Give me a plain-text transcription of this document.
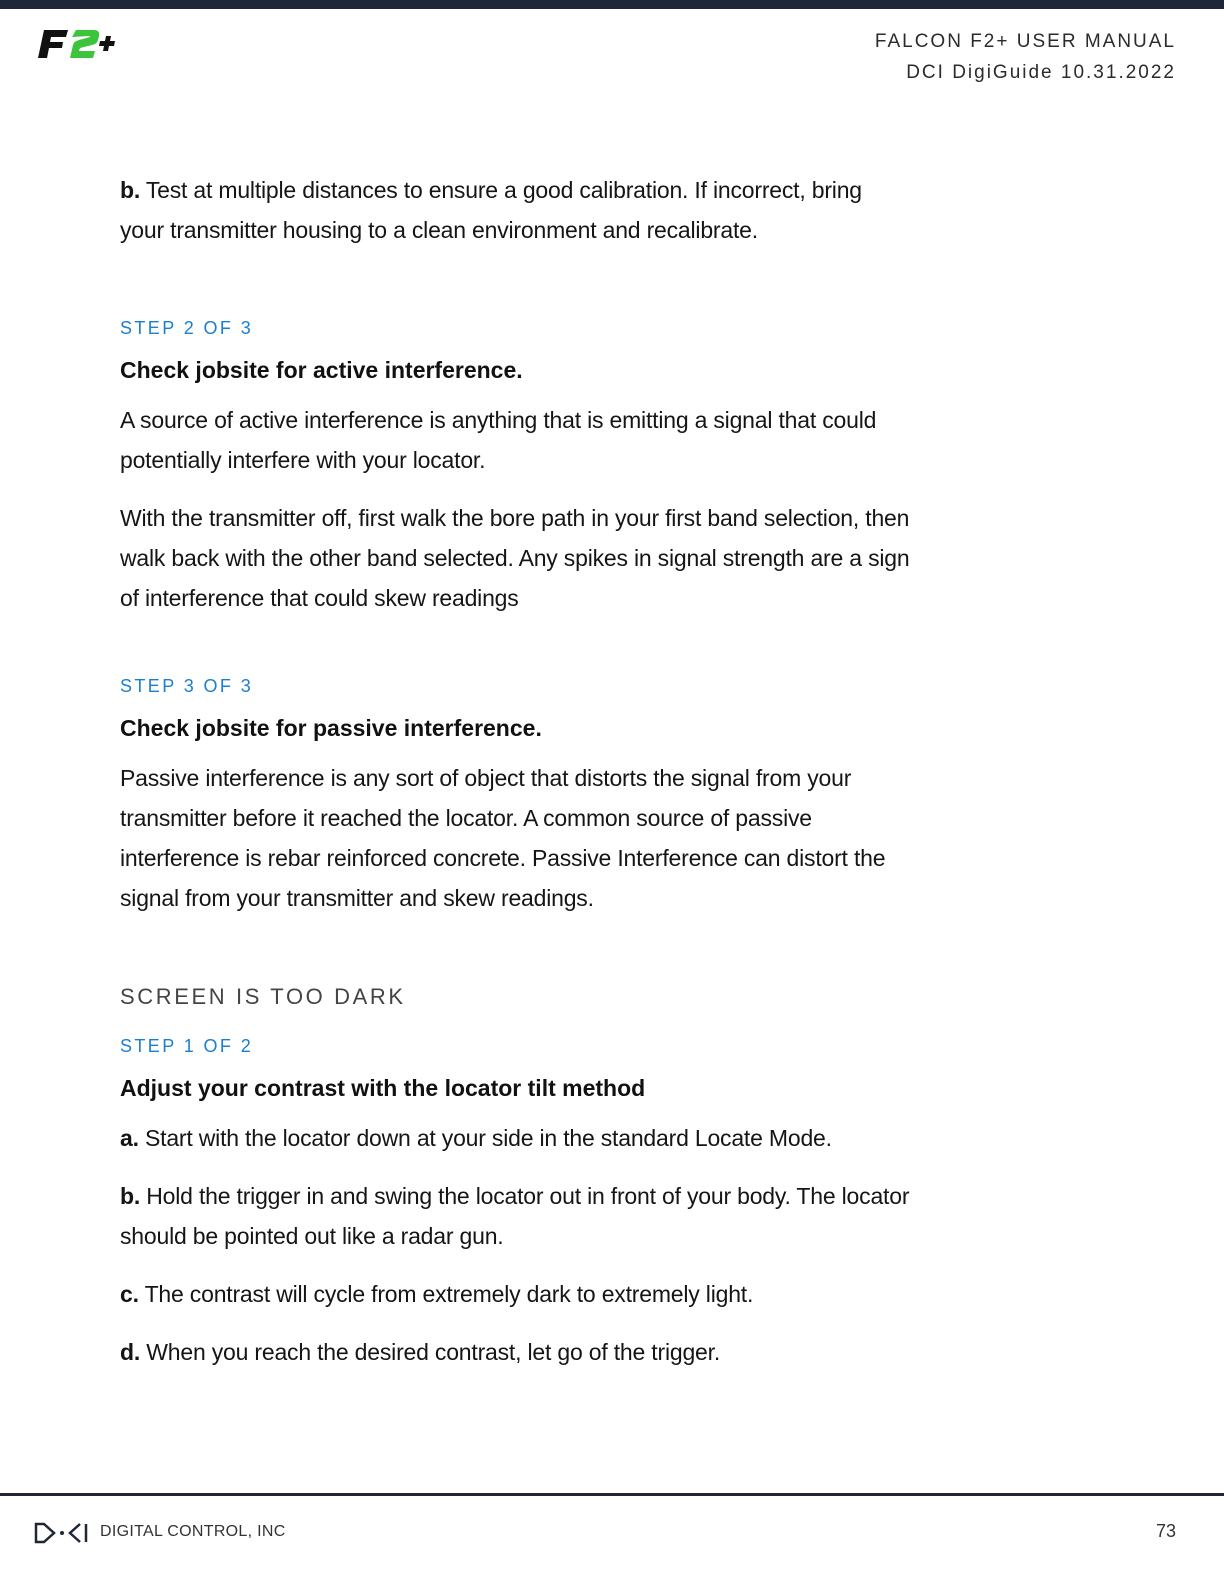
FALCON F2+ USER MANUAL
DCI DigiGuide 10.31.2022

b. Test at multiple distances to ensure a good calibration. If incorrect, bring your transmitter housing to a clean environment and recalibrate.

STEP 2 OF 3

Check jobsite for active interference.

A source of active interference is anything that is emitting a signal that could potentially interfere with your locator.

With the transmitter off, first walk the bore path in your first band selection, then walk back with the other band selected. Any spikes in signal strength are a sign of interference that could skew readings

STEP 3 OF 3

Check jobsite for passive interference.

Passive interference is any sort of object that distorts the signal from your transmitter before it reached the locator. A common source of passive interference is rebar reinforced concrete. Passive Interference can distort the signal from your transmitter and skew readings.

SCREEN IS TOO DARK

STEP 1 OF 2

Adjust your contrast with the locator tilt method

a. Start with the locator down at your side in the standard Locate Mode.

b. Hold the trigger in and swing the locator out in front of your body. The locator should be pointed out like a radar gun.

c. The contrast will cycle from extremely dark to extremely light.

d. When you reach the desired contrast, let go of the trigger.

DIGITAL CONTROL, INC	73
